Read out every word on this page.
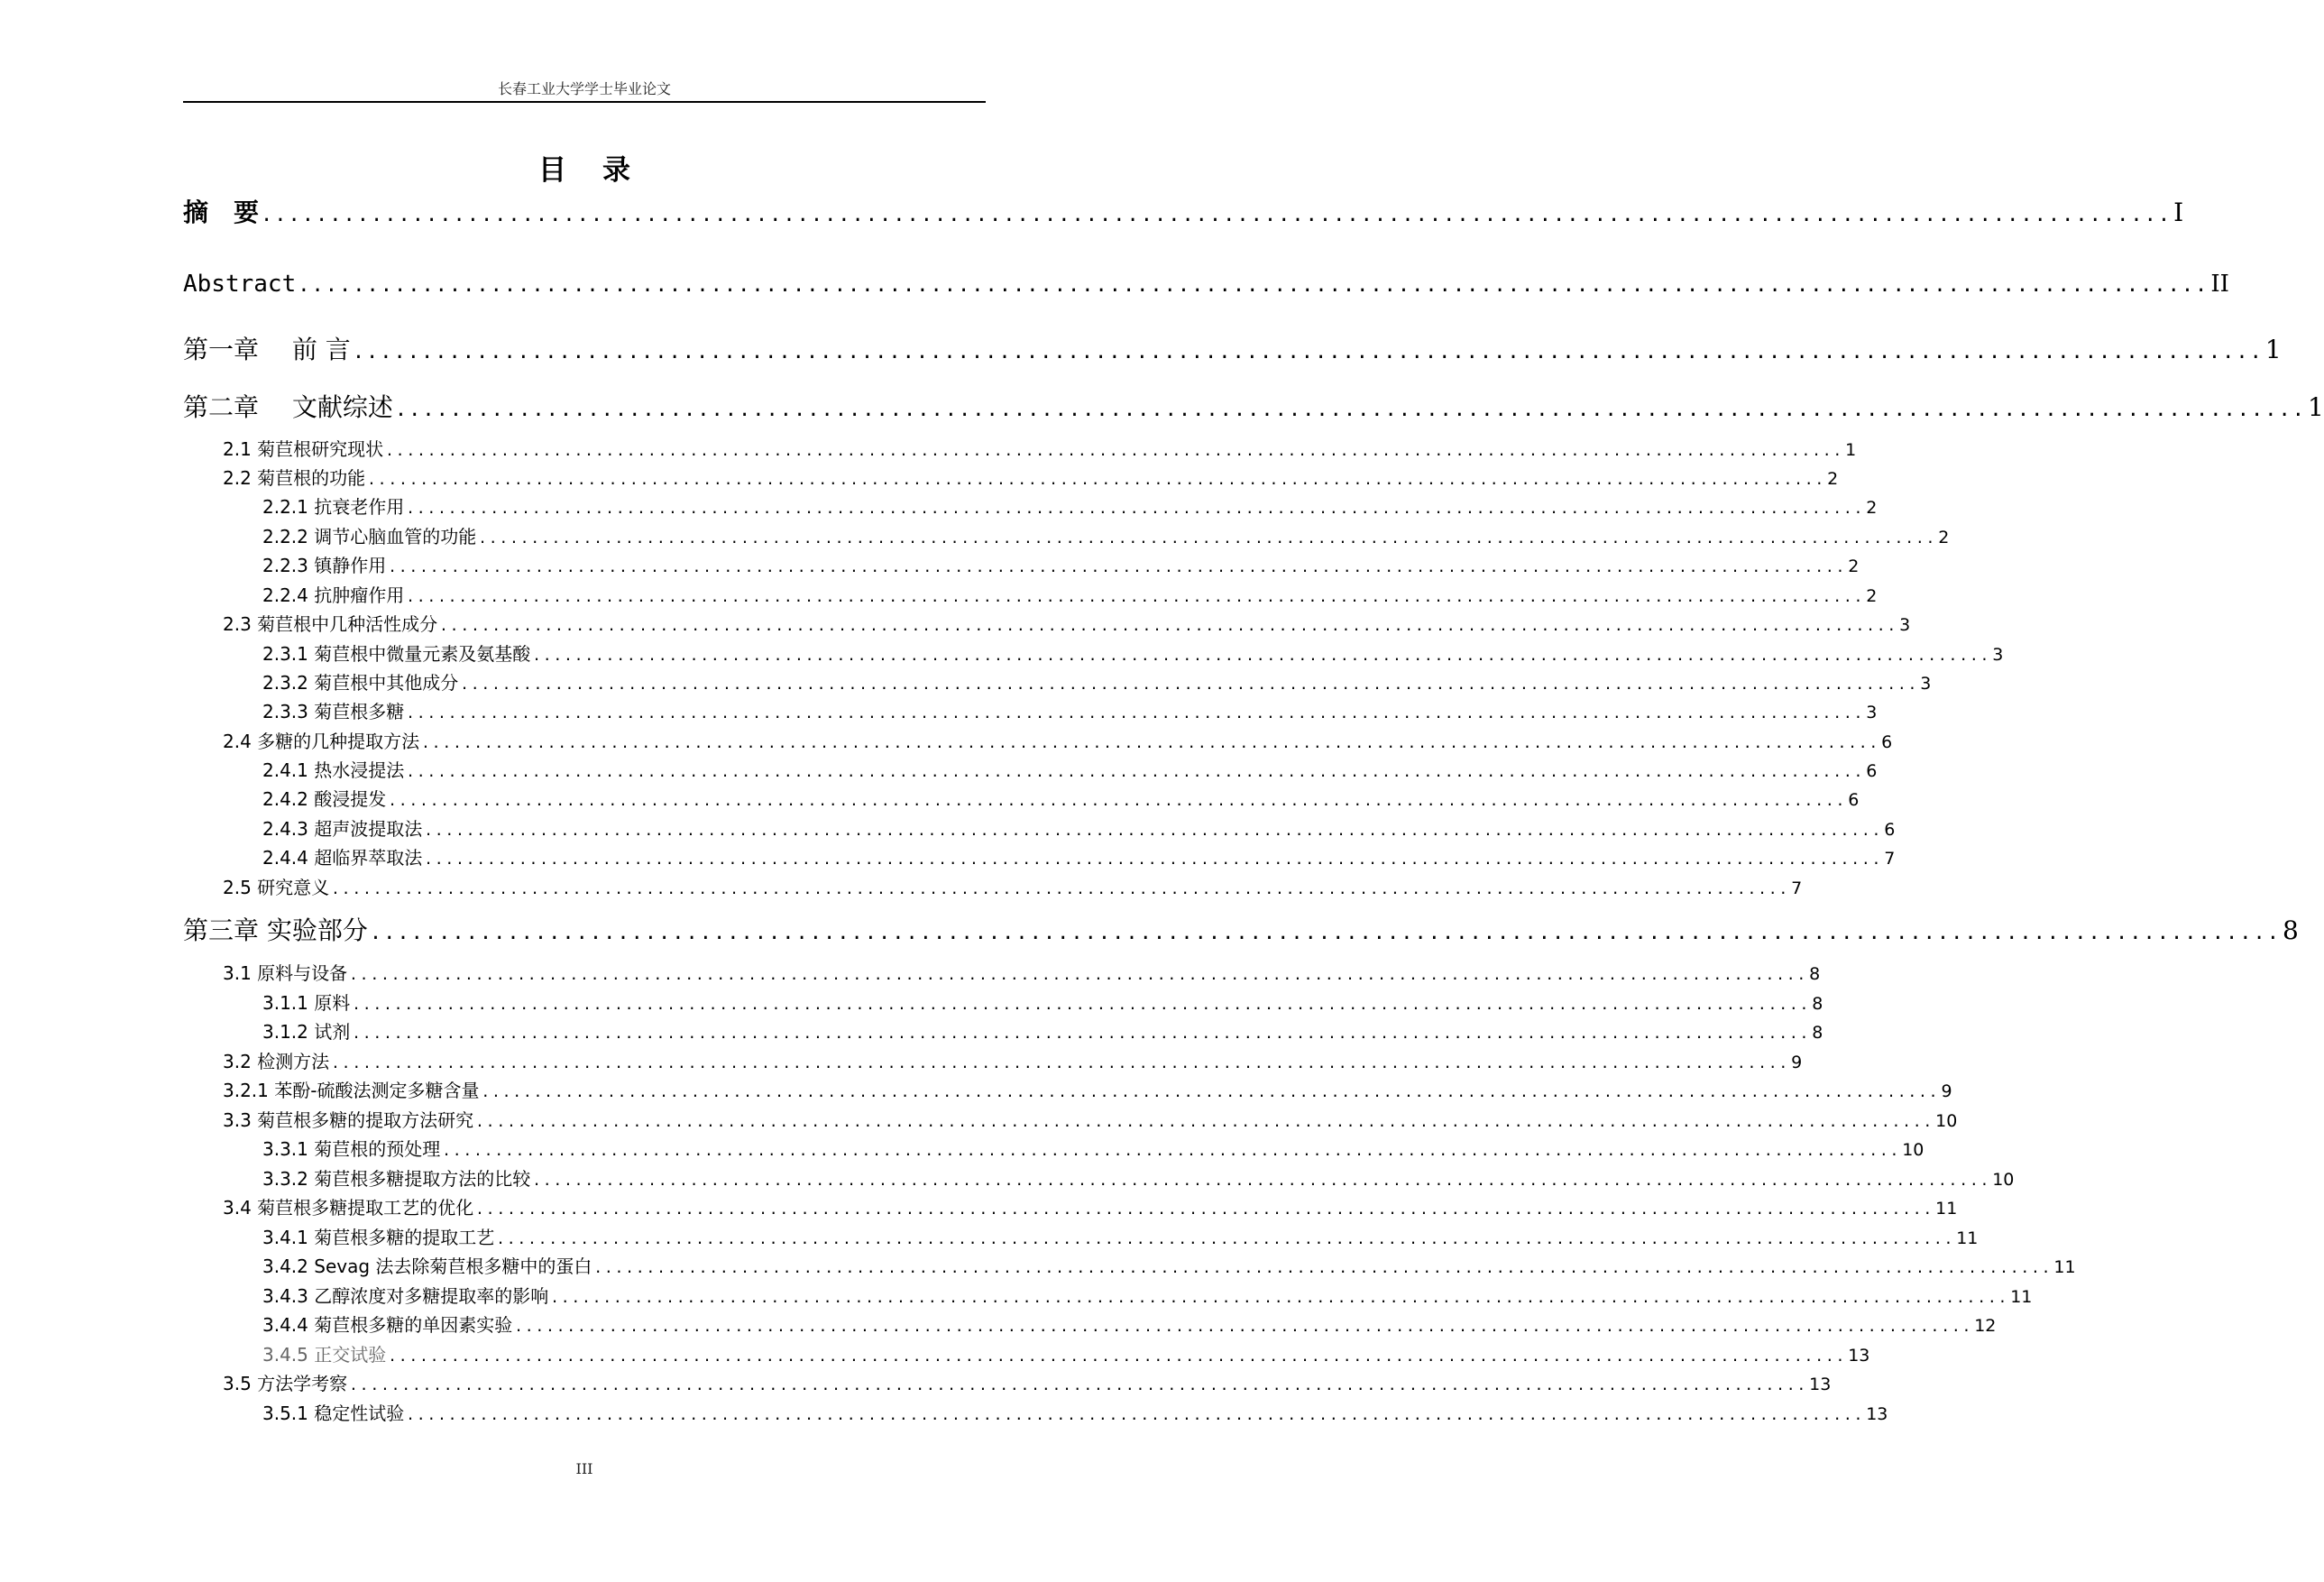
长春工业大学学士毕业论文
目 录
摘　要 ........................................................................................................................................... I
Abstract ........................................................................................................................................... II
第一章　 前 言 ........................................................................................................................................... 1
第二章　 文献综述 ........................................................................................................................................... 1
2.1 菊苣根研究现状 ........................................................................................................................................... 1
2.2 菊苣根的功能 ........................................................................................................................................... 2
2.2.1 抗衰老作用 ........................................................................................................................................... 2
2.2.2 调节心脑血管的功能 ........................................................................................................................................... 2
2.2.3 镇静作用 ........................................................................................................................................... 2
2.2.4 抗肿瘤作用 ........................................................................................................................................... 2
2.3 菊苣根中几种活性成分 ........................................................................................................................................... 3
2.3.1 菊苣根中微量元素及氨基酸 ........................................................................................................................................... 3
2.3.2 菊苣根中其他成分 ........................................................................................................................................... 3
2.3.3 菊苣根多糖 ........................................................................................................................................... 3
2.4 多糖的几种提取方法 ........................................................................................................................................... 6
2.4.1 热水浸提法 ........................................................................................................................................... 6
2.4.2 酸浸提发 ........................................................................................................................................... 6
2.4.3 超声波提取法 ........................................................................................................................................... 6
2.4.4 超临界萃取法 ........................................................................................................................................... 7
2.5 研究意义 ........................................................................................................................................... 7
第三章 实验部分 ........................................................................................................................................... 8
3.1 原料与设备 ........................................................................................................................................... 8
3.1.1 原料 ........................................................................................................................................... 8
3.1.2 试剂 ........................................................................................................................................... 8
3.2 检测方法 ........................................................................................................................................... 9
3.2.1 苯酚-硫酸法测定多糖含量 ........................................................................................................................................... 9
3.3 菊苣根多糖的提取方法研究 ........................................................................................................................................... 10
3.3.1 菊苣根的预处理 ........................................................................................................................................... 10
3.3.2 菊苣根多糖提取方法的比较 ........................................................................................................................................... 10
3.4 菊苣根多糖提取工艺的优化 ........................................................................................................................................... 11
3.4.1 菊苣根多糖的提取工艺 ........................................................................................................................................... 11
3.4.2 Sevag 法去除菊苣根多糖中的蛋白 ........................................................................................................................................... 11
3.4.3 乙醇浓度对多糖提取率的影响 ........................................................................................................................................... 11
3.4.4 菊苣根多糖的单因素实验 ........................................................................................................................................... 12
3.4.5 正交试验 ........................................................................................................................................... 13
3.5 方法学考察 ........................................................................................................................................... 13
3.5.1 稳定性试验 ........................................................................................................................................... 13
III
